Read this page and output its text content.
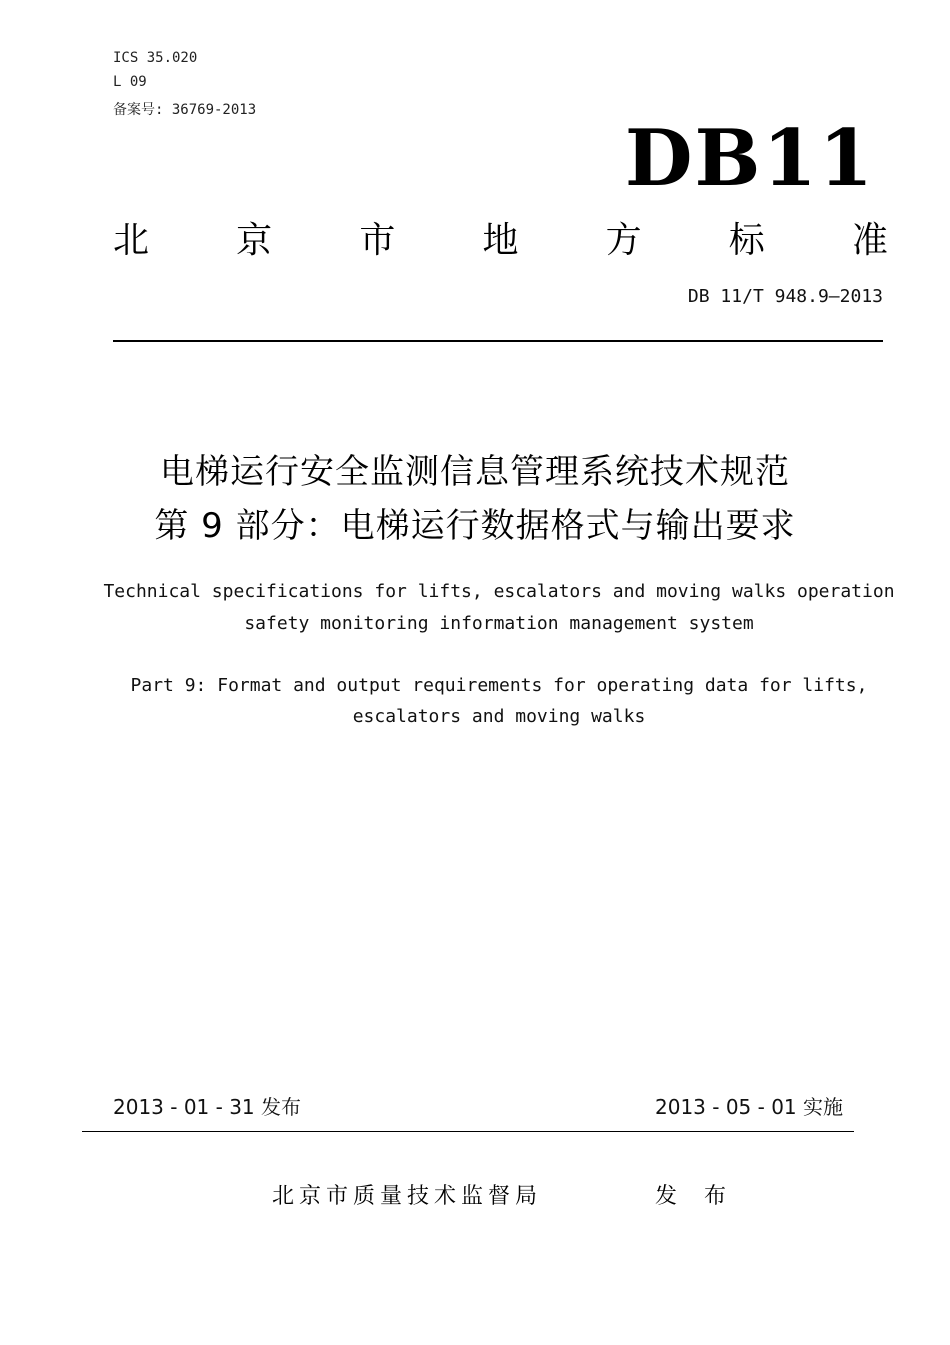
ICS 35.020
L 09
备案号: 36769-2013
DB11
北 京 市 地 方 标 准
DB 11/T 948.9—2013
电梯运行安全监测信息管理系统技术规范
第 9 部分：电梯运行数据格式与输出要求
Technical specifications for lifts, escalators and moving walks operation
safety monitoring information management system
Part 9: Format and output requirements for operating data for lifts,
escalators and moving walks
2013 - 01 - 31 发布	2013 - 05 - 01 实施
北京市质量技术监督局	发 布
